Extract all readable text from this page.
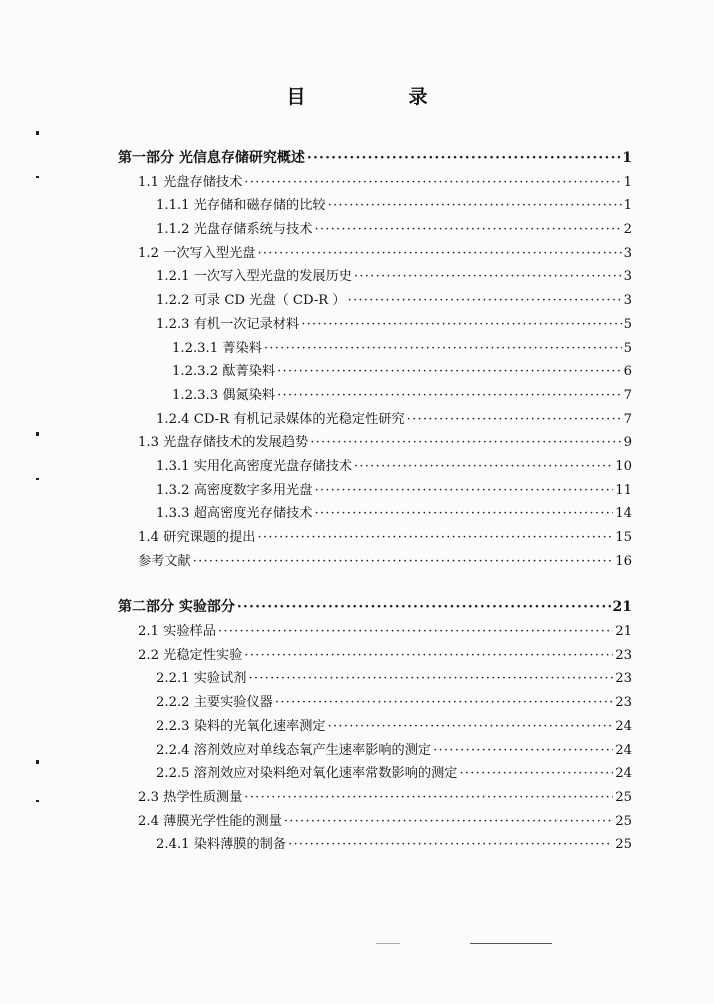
目　录
第一部分 光信息存储研究概述 ·····	1
1.1 光盘存储技术 ·····	1
1.1.1 光存储和磁存储的比较 ·····	1
1.1.2 光盘存储系统与技术 ·····	2
1.2 一次写入型光盘 ·····	3
1.2.1 一次写入型光盘的发展历史 ·····	3
1.2.2 可录 CD 光盘（ CD-R ） ·····	3
1.2.3 有机一次记录材料 ·····	5
1.2.3.1 菁染料 ·····	5
1.2.3.2 酞菁染料 ·····	6
1.2.3.3 偶氮染料 ·····	7
1.2.4 CD-R 有机记录媒体的光稳定性研究 ·····	7
1.3 光盘存储技术的发展趋势 ·····	9
1.3.1 实用化高密度光盘存储技术 ·····	10
1.3.2 高密度数字多用光盘 ·····	11
1.3.3 超高密度光存储技术 ·····	14
1.4 研究课题的提出 ·····	15
参考文献 ·····	16
第二部分 实验部分 ·····	21
2.1 实验样品 ·····	21
2.2 光稳定性实验 ·····	23
2.2.1 实验试剂 ·····	23
2.2.2 主要实验仪器 ·····	23
2.2.3 染料的光氧化速率测定 ·····	24
2.2.4 溶剂效应对单线态氧产生速率影响的测定 ·····	24
2.2.5 溶剂效应对染料绝对氧化速率常数影响的测定 ·····	24
2.3 热学性质测量 ·····	25
2.4 薄膜光学性能的测量 ·····	25
2.4.1 染料薄膜的制备 ·····	25
